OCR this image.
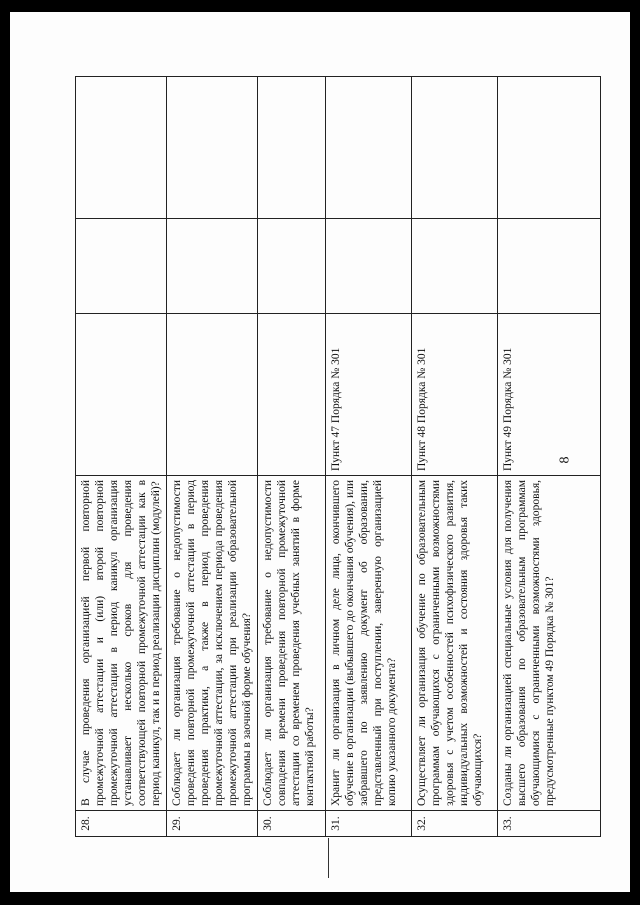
8
28.	В случае проведения организацией первой повторной промежуточной аттестации и (или) второй повторной промежуточной аттестации в период каникул организация устанавливает несколько сроков для проведения соответствующей повторной промежуточной аттестации как в период каникул, так и в период реализации дисциплин (модулей)?			
29.	Соблюдает ли организация требование о недопустимости проведения повторной промежуточной аттестации в период проведения практики, а также в период проведения промежуточной аттестации, за исключением периода проведения промежуточной аттестации при реализации образовательной программы в заочной форме обучения?			
30.	Соблюдает ли организация требование о недопустимости совпадения времени проведения повторной промежуточной аттестации со временем проведения учебных занятий в форме контактной работы?			
31.	Хранит ли организация в личном деле лица, окончившего обучение в организации (выбывшего до окончания обучения), или забравшего по заявлению документ об образовании, представленный при поступлении, заверенную организацией копию указанного документа?	Пункт 47 Порядка № 301		
32.	Осуществляет ли организация обучение по образовательным программам обучающихся с ограниченными возможностями здоровья с учетом особенностей психофизического развития, индивидуальных возможностей и состояния здоровья таких обучающихся?	Пункт 48 Порядка № 301		
33.	Созданы ли организацией специальные условия для получения высшего образования по образовательным программам обучающимися с ограниченными возможностями здоровья, предусмотренные пунктом 49 Порядка № 301?	Пункт 49 Порядка № 301		
